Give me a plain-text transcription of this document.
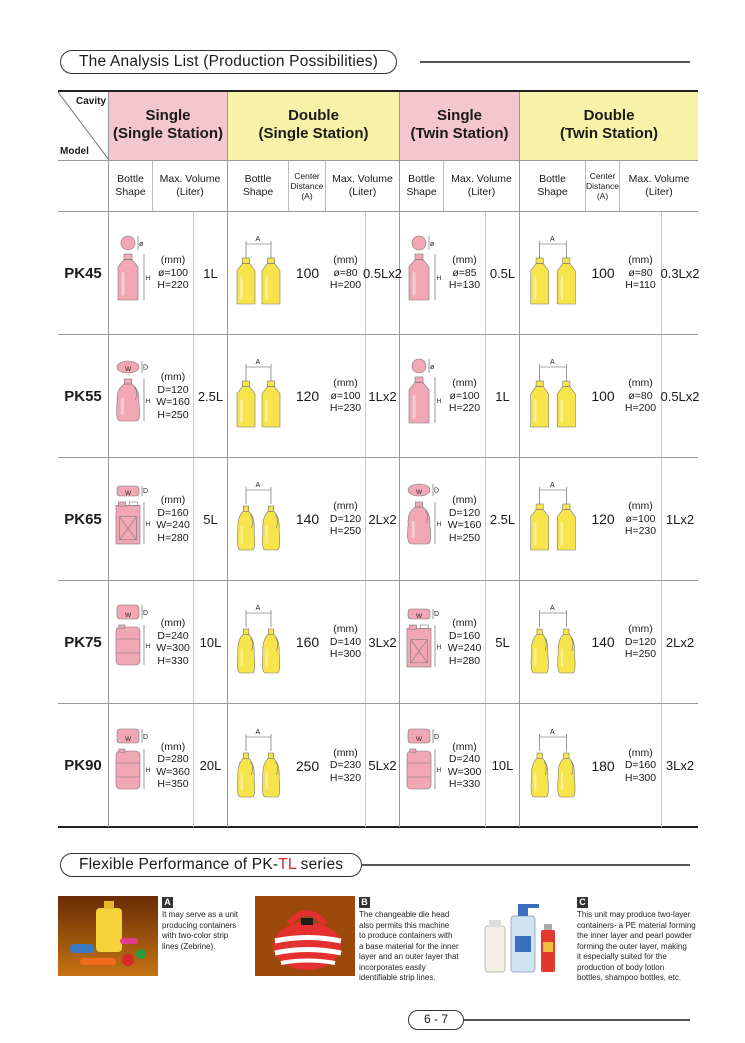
The Analysis List (Production Possibilities)
Cavity
Model
Single
(Single Station)
Double
(Single Station)
Single
(Twin Station)
Double
(Twin Station)
Bottle
Shape
Max. Volume
(Liter)
Bottle
Shape
Center
Distance
(A)
Max. Volume
(Liter)
Bottle
Shape
Max. Volume
(Liter)
Bottle
Shape
Center
Distance
(A)
Max. Volume
(Liter)
PK45
ø
H
(mm)
ø=100
H=220
1L
A
100
(mm)
ø=80
H=200
0.5Lx2
ø
H
(mm)
ø=85
H=130
0.5L
A
100
(mm)
ø=80
H=110
0.3Lx2
PK55
D
W
H
(mm)
D=120
W=160
H=250
2.5L
A
120
(mm)
ø=100
H=230
1Lx2
ø
H
(mm)
ø=100
H=220
1L
A
100
(mm)
ø=80
H=200
0.5Lx2
PK65
D
W
H
(mm)
D=160
W=240
H=280
5L
A
140
(mm)
D=120
H=250
2Lx2
D
W
H
(mm)
D=120
W=160
H=250
2.5L
A
120
(mm)
ø=100
H=230
1Lx2
PK75
D
W
H
(mm)
D=240
W=300
H=330
10L
A
160
(mm)
D=140
H=300
3Lx2
D
W
H
(mm)
D=160
W=240
H=280
5L
A
140
(mm)
D=120
H=250
2Lx2
PK90
D
W
H
(mm)
D=280
W=360
H=350
20L
A
250
(mm)
D=230
H=320
5Lx2
D
W
H
(mm)
D=240
W=300
H=330
10L
A
180
(mm)
D=160
H=300
3Lx2
Flexible Performance of PK-TL series
A
It may serve as a unit
producing containers
with two-color strip
lines (Zebrine).
B
The changeable die head
also permits this machine
to produce containers with
a base material for the inner
layer and an outer layer that
incorporates easily
identifiable strip lines.
C
This unit may produce two-layer
containers- a PE material forming
the inner layer and pearl powder
forming the outer layer, making
it especially suited for the
production of body lotion
bottles, shampoo bottles, etc.
6 - 7
